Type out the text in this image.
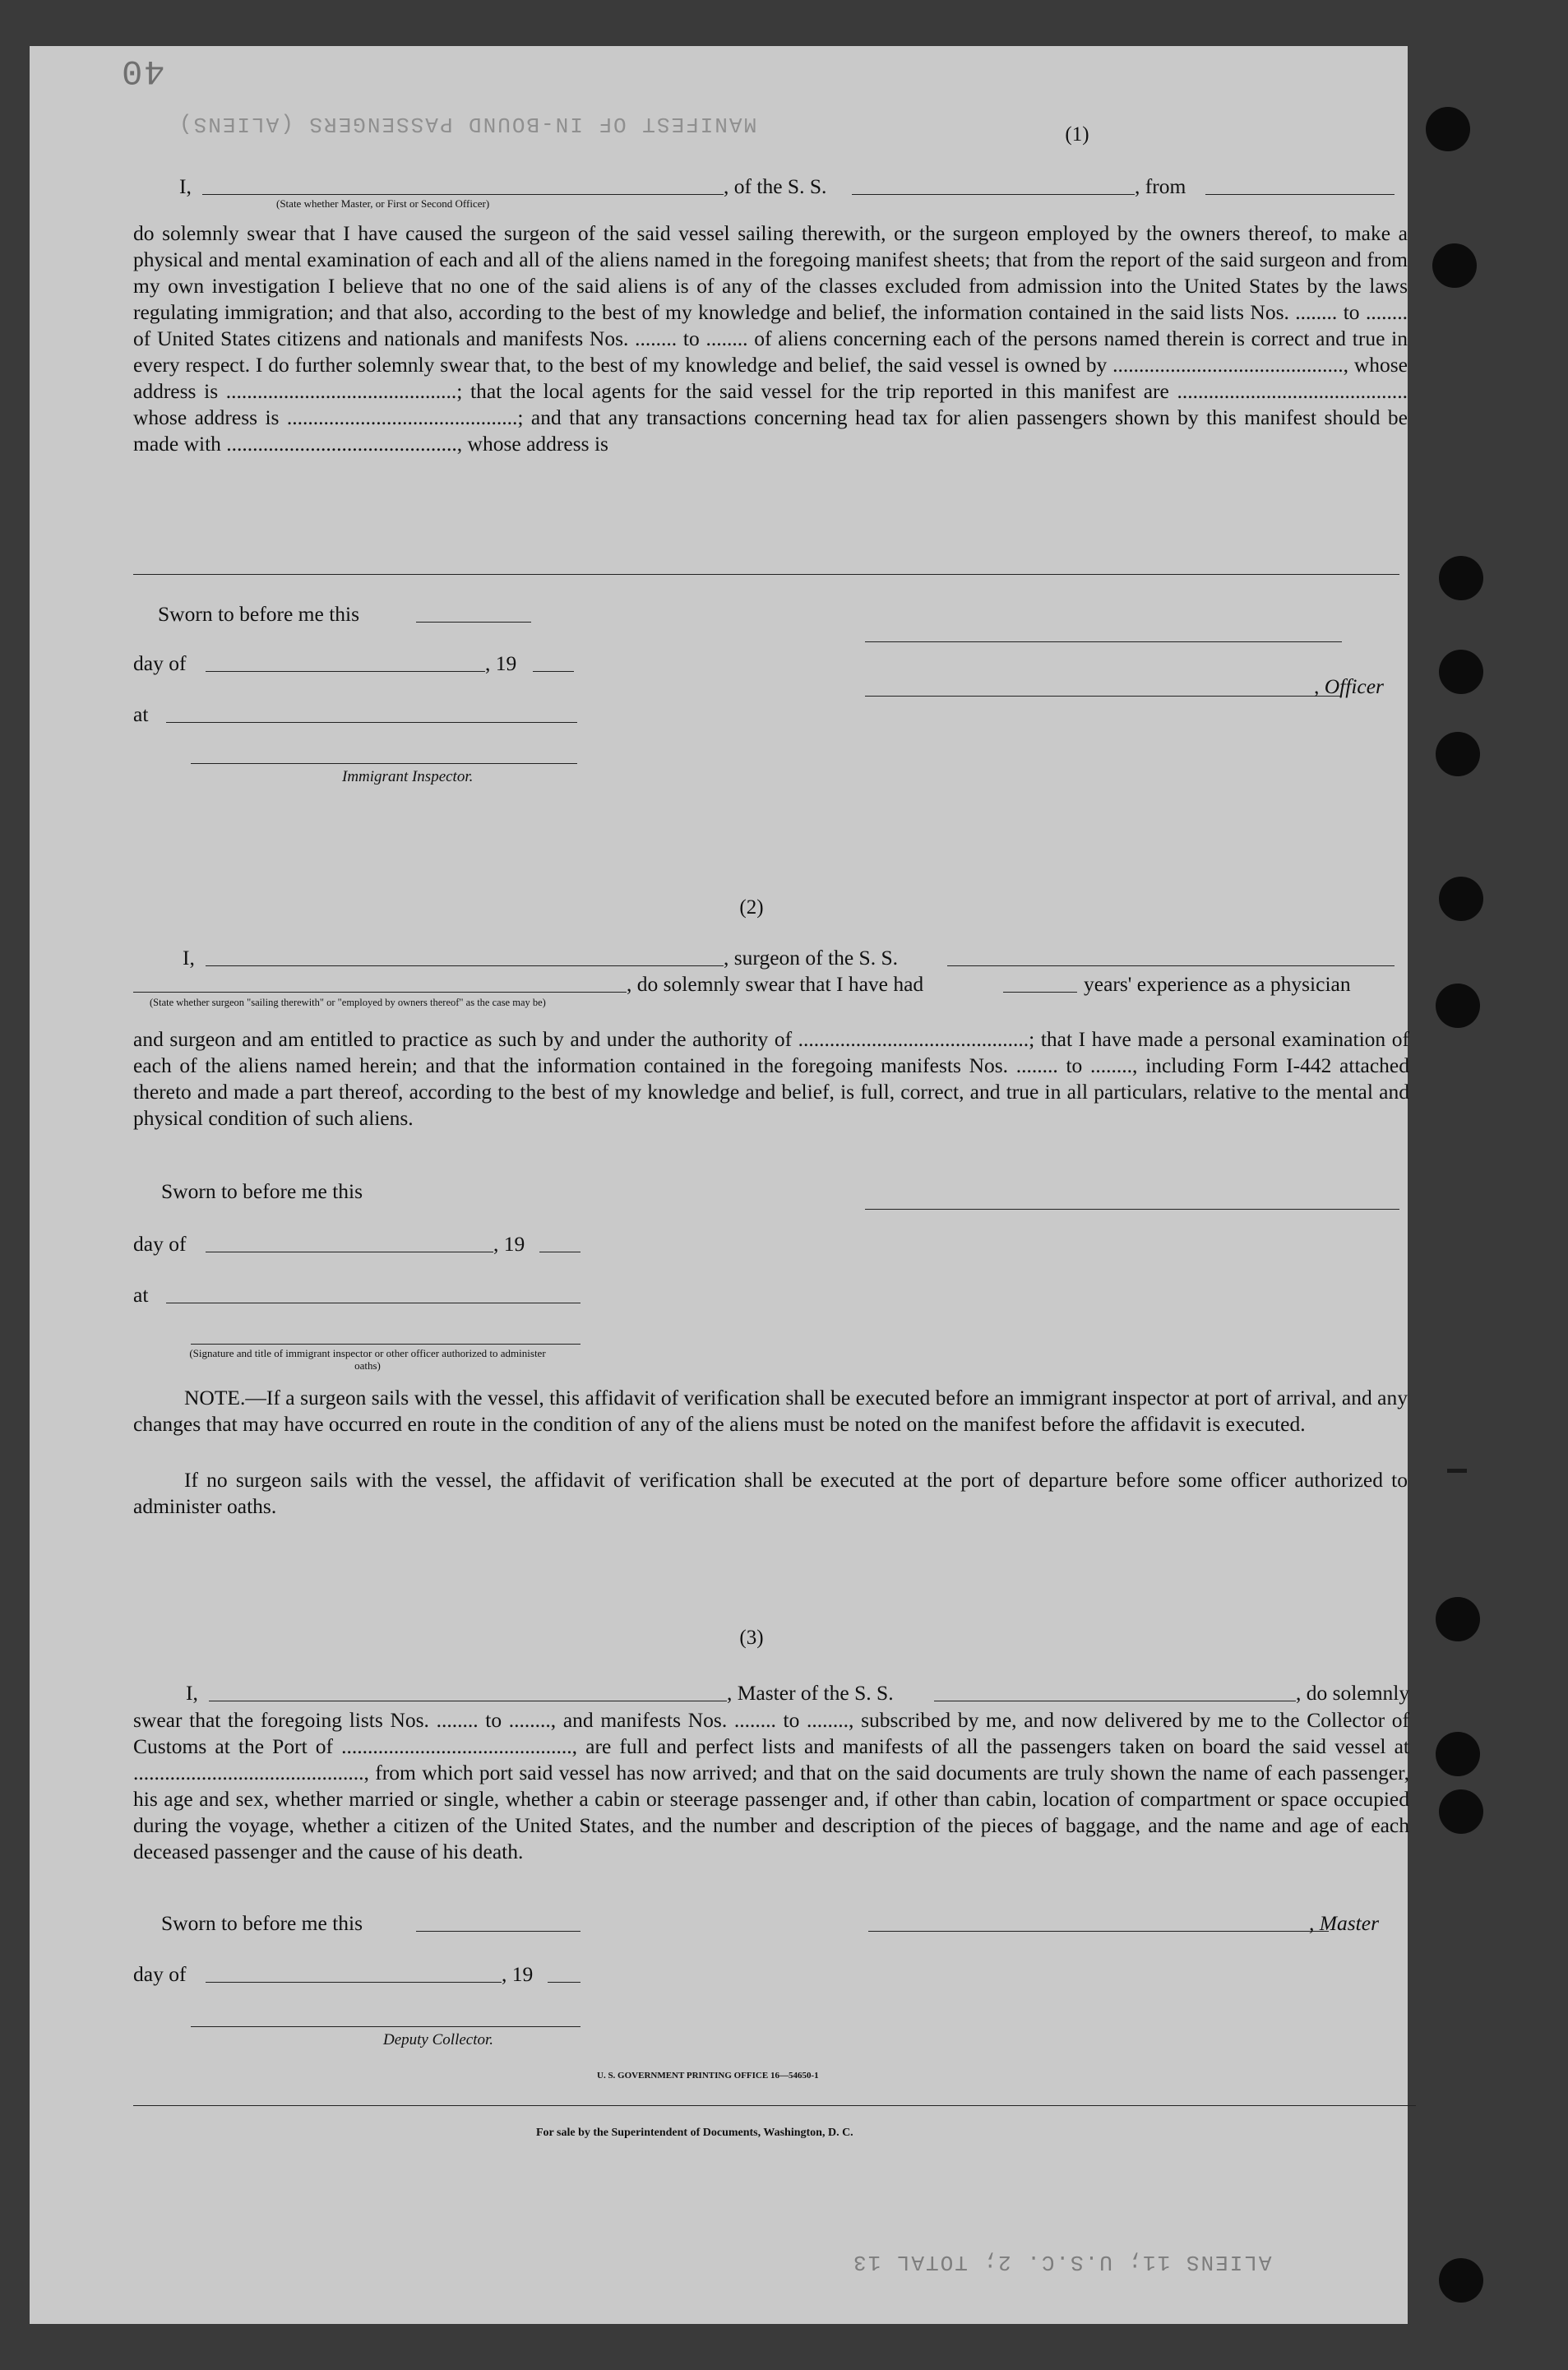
MANIFEST OF IN-BOUND PASSENGERS (ALIENS)
ALIENS 11; U.S.C. 2; TOTAL 13
40
(1)
I,
(State whether Master, or First or Second Officer)
, of the S. S.	, from
do solemnly swear that I have caused the surgeon of the said vessel sailing therewith, or the surgeon employed by the owners thereof, to make a physical and mental examination of each and all of the aliens named in the foregoing manifest sheets; that from the report of the said surgeon and from my own investigation I believe that no one of the said aliens is of any of the classes excluded from admission into the United States by the laws regulating immigration; and that also, according to the best of my knowledge and belief, the information contained in the said lists Nos. ........ to ........ of United States citizens and nationals and manifests Nos. ........ to ........ of aliens concerning each of the persons named therein is correct and true in every respect. I do further solemnly swear that, to the best of my knowledge and belief, the said vessel is owned by ............................................, whose address is ............................................; that the local agents for the said vessel for the trip reported in this manifest are ............................................ whose address is ............................................; and that any transactions concerning head tax for alien passengers shown by this manifest should be made with ............................................, whose address is
Sworn to before me this
day of	, 19
at
, Officer
Immigrant Inspector.
(2)
I,	, surgeon of the S. S.
, do solemnly swear that I have had	years' experience as a physician
(State whether surgeon "sailing therewith" or "employed by owners thereof" as the case may be)
and surgeon and am entitled to practice as such by and under the authority of ............................................; that I have made a personal examination of each of the aliens named herein; and that the information contained in the foregoing manifests Nos. ........ to ........, including Form I-442 attached thereto and made a part thereof, according to the best of my knowledge and belief, is full, correct, and true in all particulars, relative to the mental and physical condition of such aliens.
Sworn to before me this
day of	, 19
at
(Signature and title of immigrant inspector or other officer authorized to administer oaths)
NOTE.—If a surgeon sails with the vessel, this affidavit of verification shall be executed before an immigrant inspector at port of arrival, and any changes that may have occurred en route in the condition of any of the aliens must be noted on the manifest before the affidavit is executed.
If no surgeon sails with the vessel, the affidavit of verification shall be executed at the port of departure before some officer authorized to administer oaths.
(3)
I,	, Master of the S. S.	, do solemnly
swear that the foregoing lists Nos. ........ to ........, and manifests Nos. ........ to ........, subscribed by me, and now delivered by me to the Collector of Customs at the Port of ............................................, are full and perfect lists and manifests of all the passengers taken on board the said vessel at ............................................, from which port said vessel has now arrived; and that on the said documents are truly shown the name of each passenger, his age and sex, whether married or single, whether a cabin or steerage passenger and, if other than cabin, location of compartment or space occupied during the voyage, whether a citizen of the United States, and the number and description of the pieces of baggage, and the name and age of each deceased passenger and the cause of his death.
Sworn to before me this	, Master
day of	, 19
Deputy Collector.
U. S. GOVERNMENT PRINTING OFFICE 16—54650-1
For sale by the Superintendent of Documents, Washington, D. C.
